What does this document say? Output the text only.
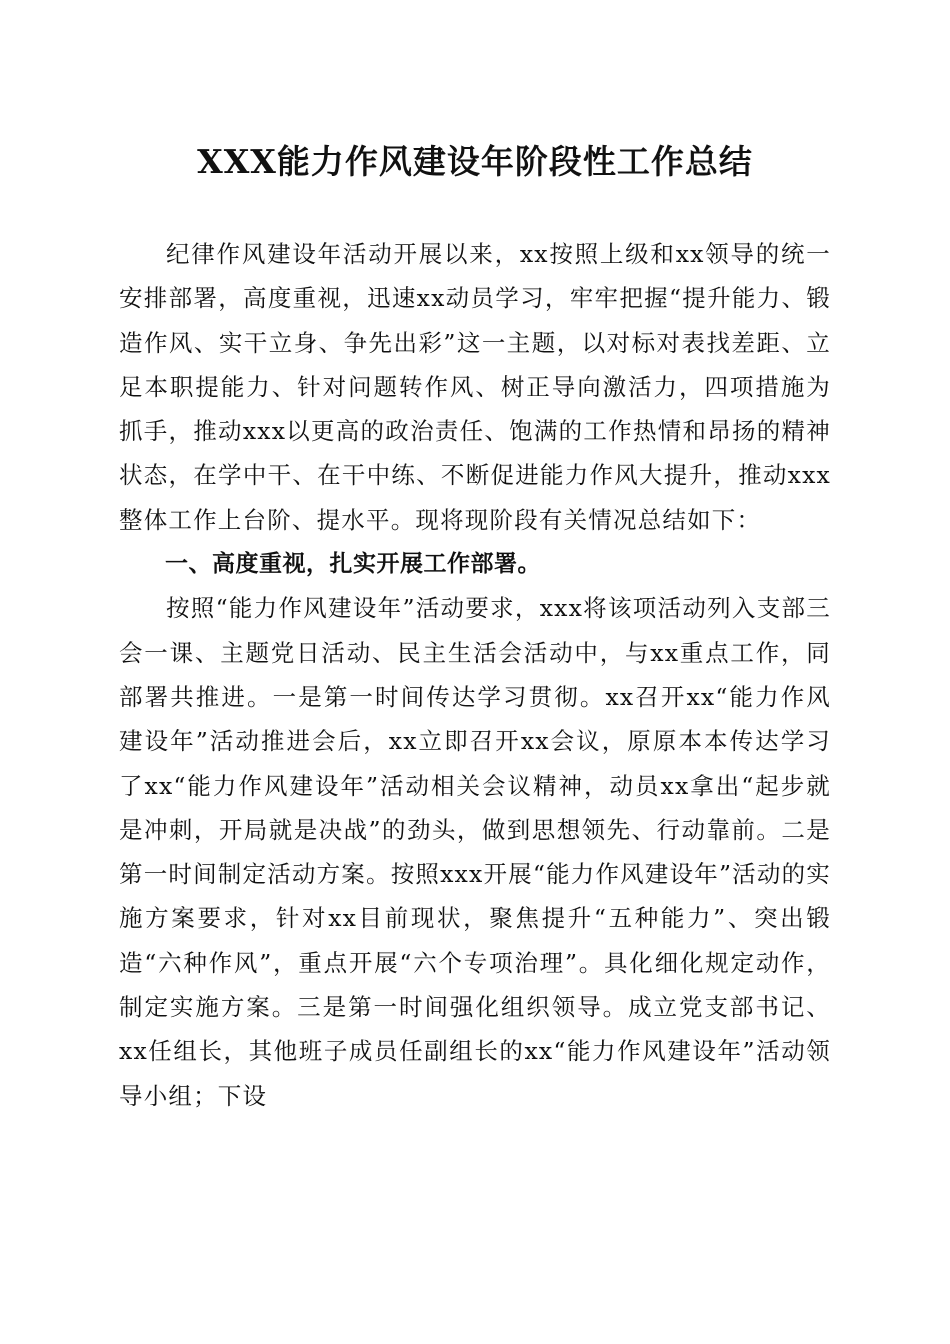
XXX能力作风建设年阶段性工作总结

纪律作风建设年活动开展以来，xx按照上级和xx领导的统一安排部署，高度重视，迅速xx动员学习，牢牢把握“提升能力、锻造作风、实干立身、争先出彩”这一主题，以对标对表找差距、立足本职提能力、针对问题转作风、树正导向激活力，四项措施为抓手，推动xxx以更高的政治责任、饱满的工作热情和昂扬的精神状态，在学中干、在干中练、不断促进能力作风大提升，推动xxx整体工作上台阶、提水平。现将现阶段有关情况总结如下：

一、高度重视，扎实开展工作部署。

按照“能力作风建设年”活动要求，xxx将该项活动列入支部三会一课、主题党日活动、民主生活会活动中，与xx重点工作，同部署共推进。一是第一时间传达学习贯彻。xx召开xx“能力作风建设年”活动推进会后，xx立即召开xx会议，原原本本传达学习了xx“能力作风建设年”活动相关会议精神，动员xx拿出“起步就是冲刺，开局就是决战”的劲头，做到思想领先、行动靠前。二是第一时间制定活动方案。按照xxx开展“能力作风建设年”活动的实施方案要求，针对xx目前现状，聚焦提升“五种能力”、突出锻造“六种作风”，重点开展“六个专项治理”。具化细化规定动作，制定实施方案。三是第一时间强化组织领导。成立党支部书记、xx任组长，其他班子成员任副组长的xx“能力作风建设年”活动领导小组；下设
